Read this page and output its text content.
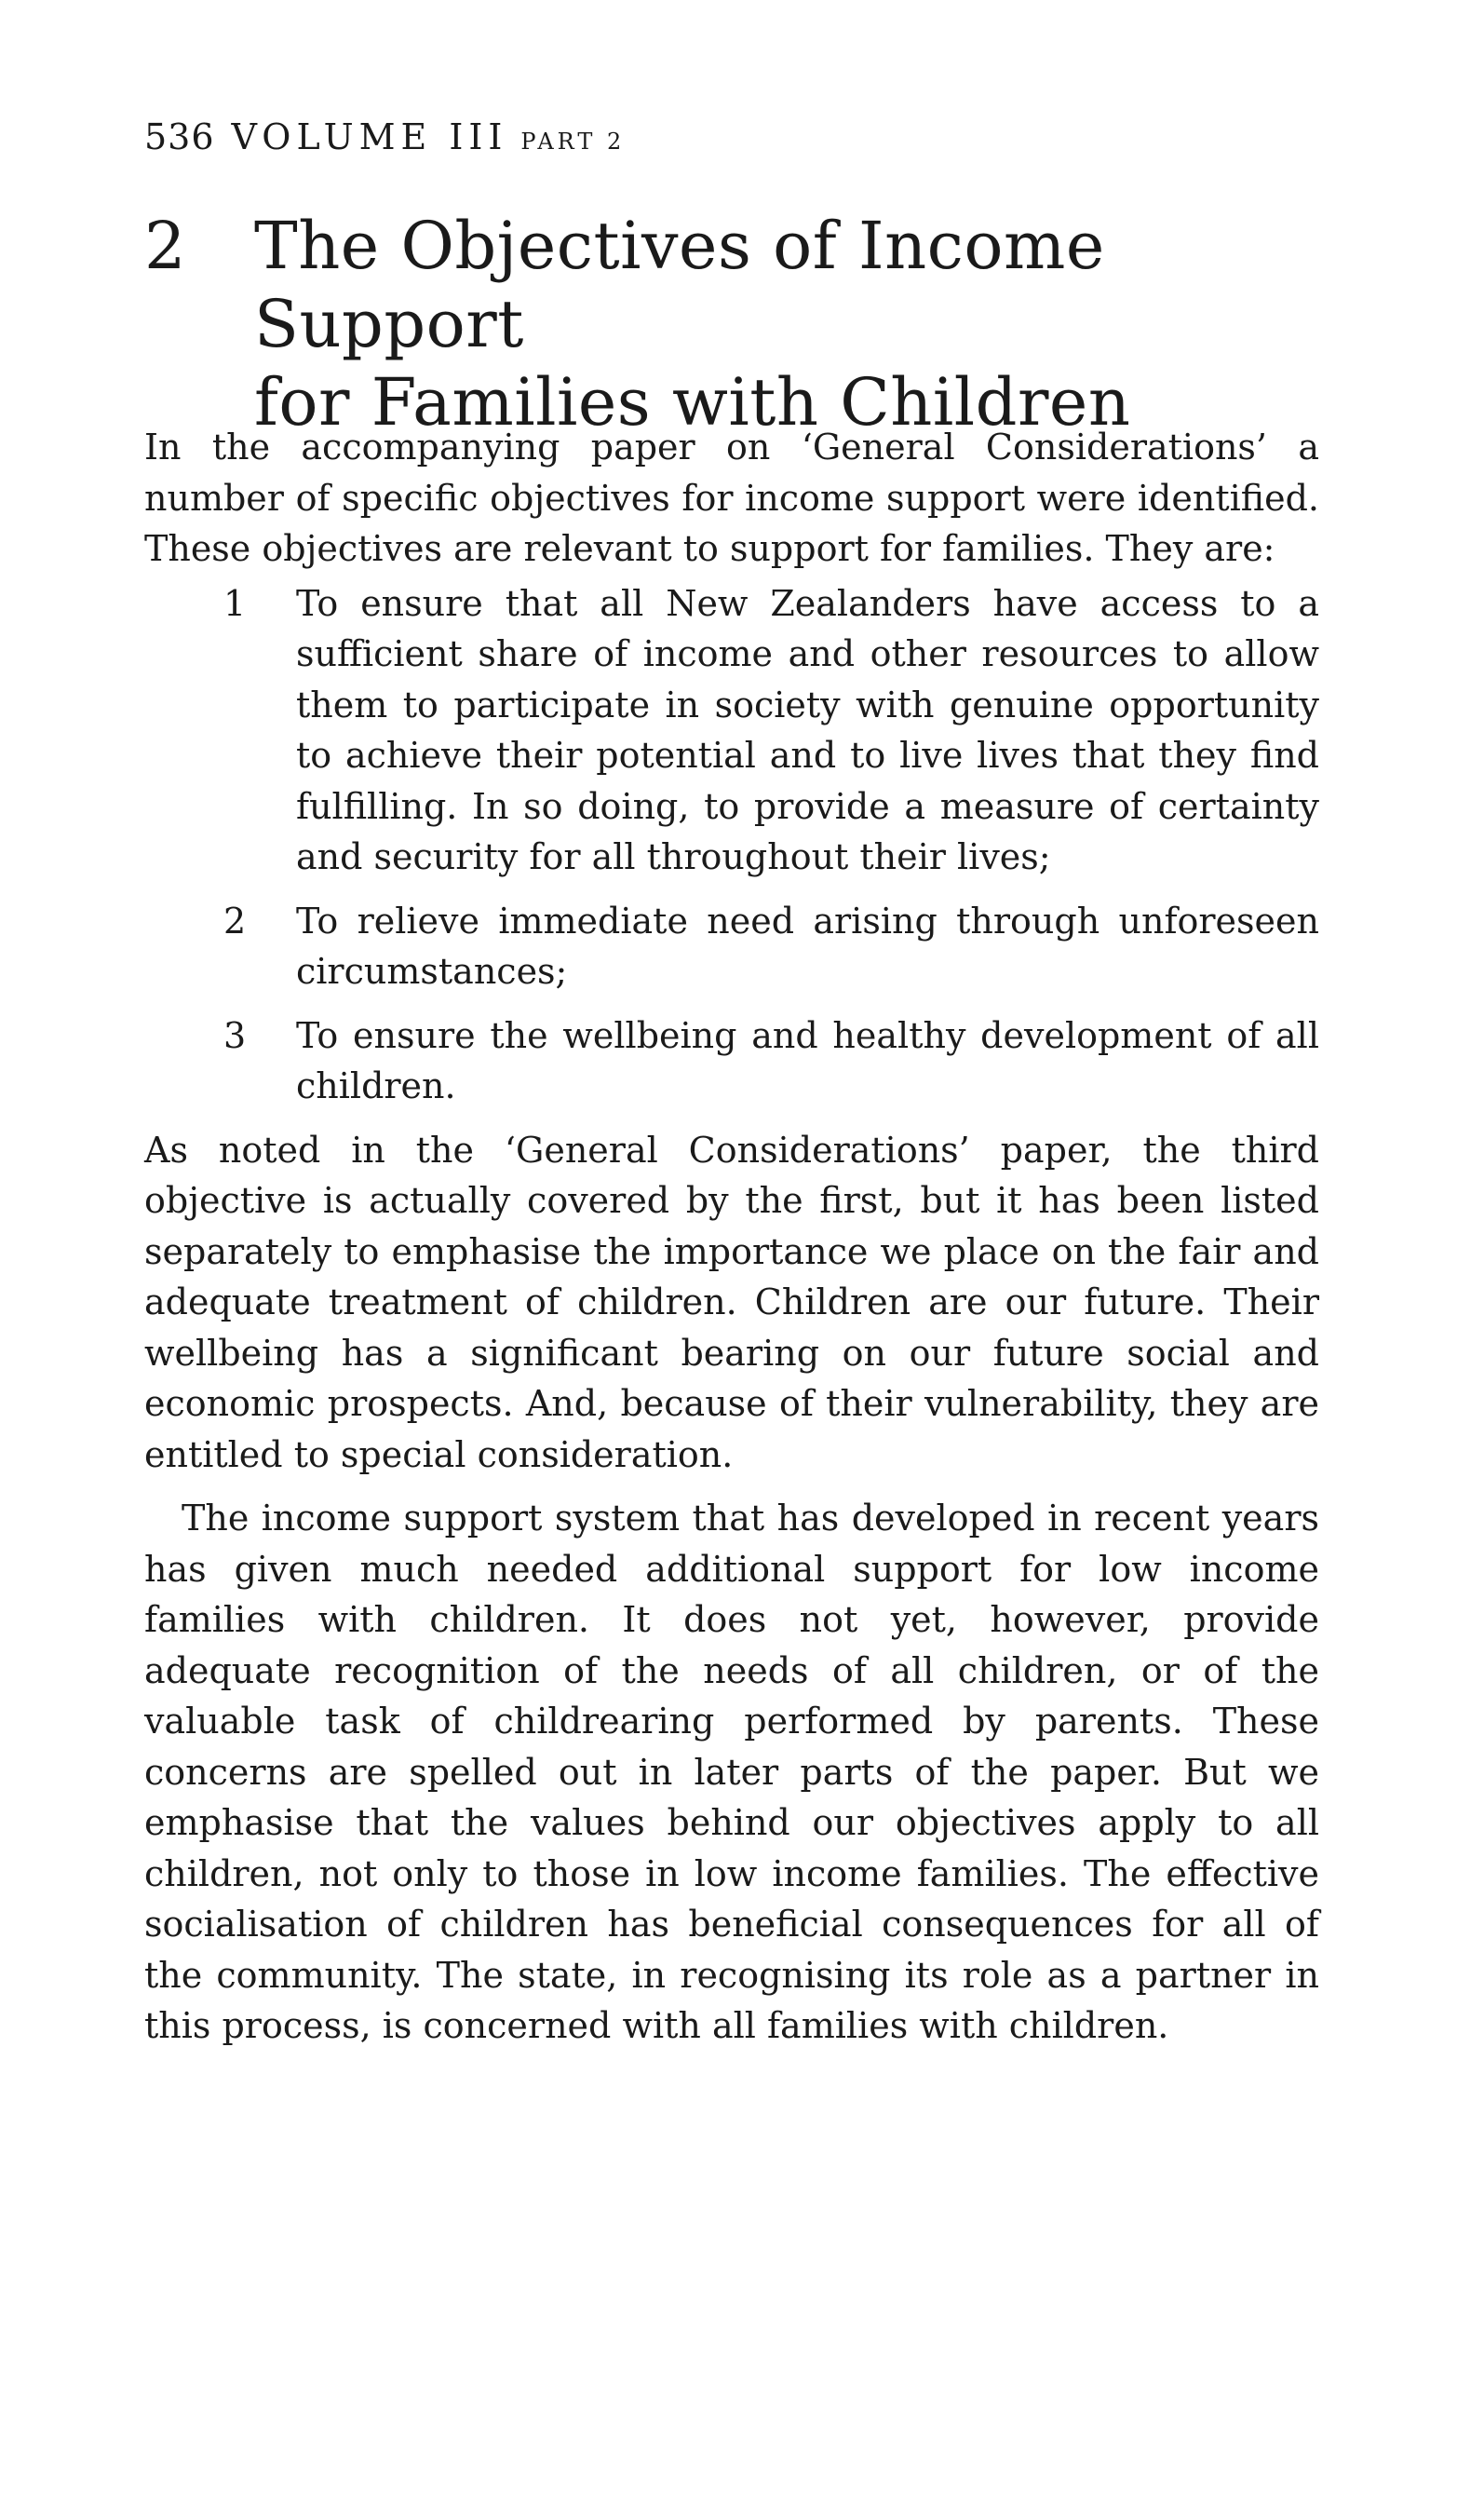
536 VOLUME III PART 2
2 The Objectives of Income Support
for Families with Children

In the accompanying paper on ‘General Considerations’ a number of specific objectives for income support were identified. These objectives are relevant to support for families. They are:

1 To ensure that all New Zealanders have access to a sufficient share of income and other resources to allow them to participate in society with genuine opportunity to achieve their potential and to live lives that they find fulfilling. In so doing, to provide a measure of certainty and security for all throughout their lives;
2 To relieve immediate need arising through unforeseen circumstances;
3 To ensure the wellbeing and healthy development of all children.

As noted in the ‘General Considerations’ paper, the third objective is actually covered by the first, but it has been listed separately to emphasise the importance we place on the fair and adequate treatment of children. Children are our future. Their wellbeing has a significant bearing on our future social and economic prospects. And, because of their vulnerability, they are entitled to special consideration.

The income support system that has developed in recent years has given much needed additional support for low income families with children. It does not yet, however, provide adequate recognition of the needs of all children, or of the valuable task of childrearing performed by parents. These concerns are spelled out in later parts of the paper. But we emphasise that the values behind our objectives apply to all children, not only to those in low income families. The effective socialisation of children has beneficial consequences for all of the community. The state, in recognising its role as a partner in this process, is concerned with all families with children.
